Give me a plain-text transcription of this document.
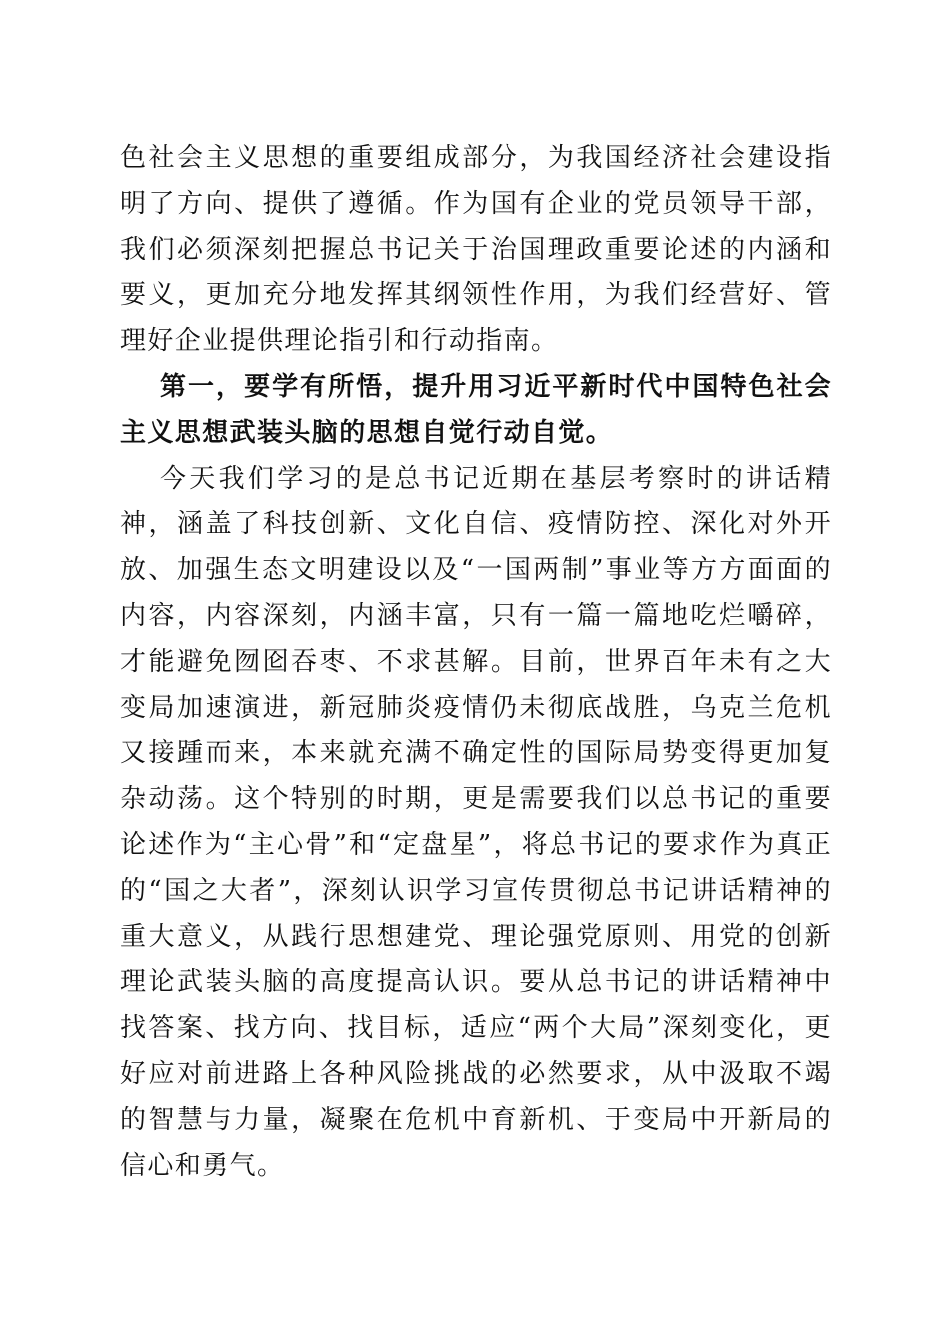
色社会主义思想的重要组成部分，为我国经济社会建设指明了方向、提供了遵循。作为国有企业的党员领导干部，我们必须深刻把握总书记关于治国理政重要论述的内涵和要义，更加充分地发挥其纲领性作用，为我们经营好、管理好企业提供理论指引和行动指南。

第一，要学有所悟，提升用习近平新时代中国特色社会主义思想武装头脑的思想自觉行动自觉。

今天我们学习的是总书记近期在基层考察时的讲话精神，涵盖了科技创新、文化自信、疫情防控、深化对外开放、加强生态文明建设以及“一国两制”事业等方方面面的内容，内容深刻，内涵丰富，只有一篇一篇地吃烂嚼碎，才能避免囫囵吞枣、不求甚解。目前，世界百年未有之大变局加速演进，新冠肺炎疫情仍未彻底战胜，乌克兰危机又接踵而来，本来就充满不确定性的国际局势变得更加复杂动荡。这个特别的时期，更是需要我们以总书记的重要论述作为“主心骨”和“定盘星”，将总书记的要求作为真正的“国之大者”，深刻认识学习宣传贯彻总书记讲话精神的重大意义，从践行思想建党、理论强党原则、用党的创新理论武装头脑的高度提高认识。要从总书记的讲话精神中找答案、找方向、找目标，适应“两个大局”深刻变化，更好应对前进路上各种风险挑战的必然要求，从中汲取不竭的智慧与力量，凝聚在危机中育新机、于变局中开新局的信心和勇气。
